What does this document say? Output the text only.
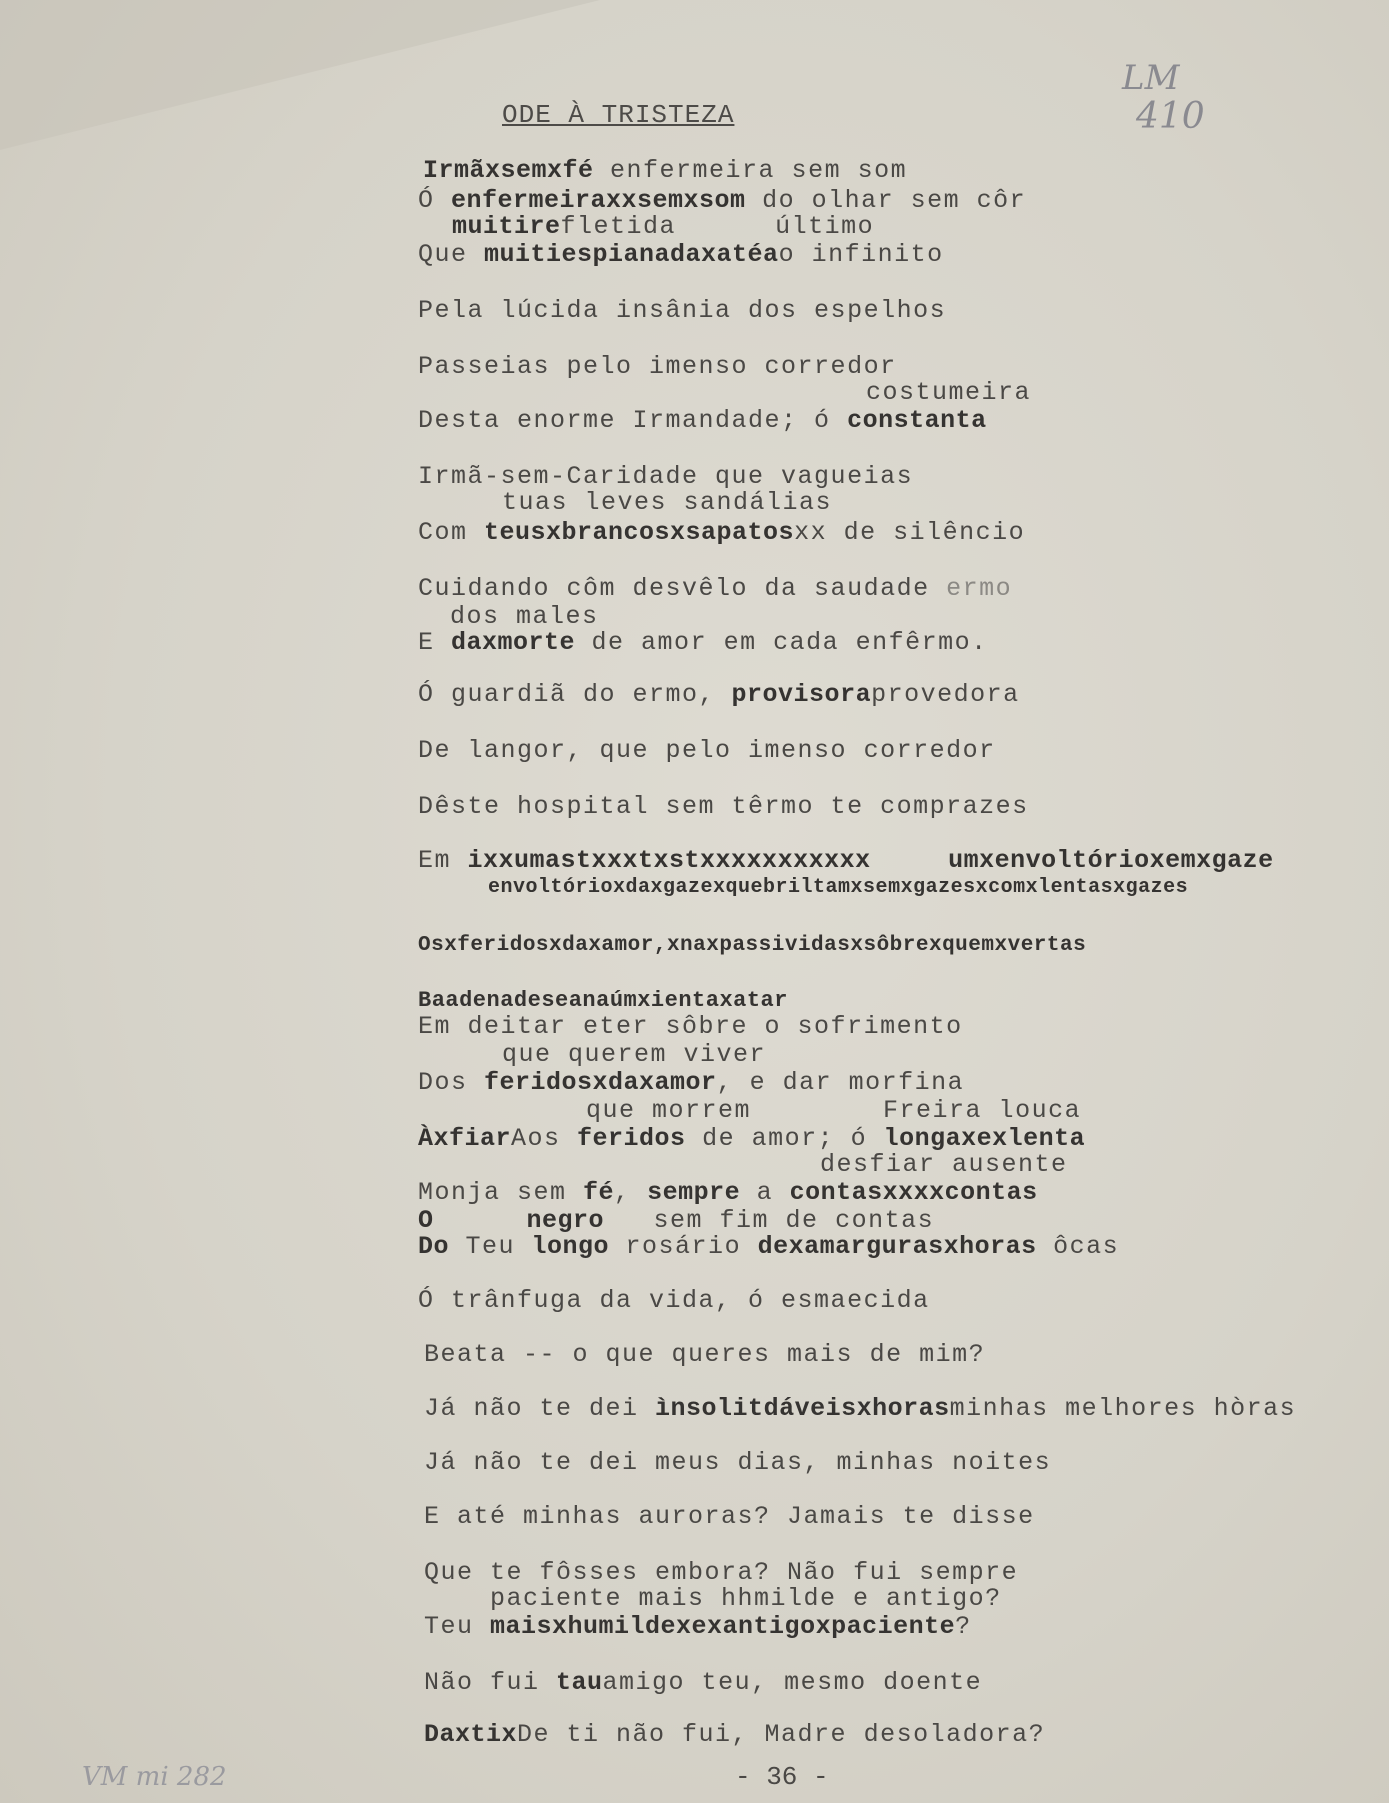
ODE À TRISTEZA
LM
410
Irmãxsemxfé enfermeira sem som
Ó enfermeiraxxsemxsom do olhar sem côr
muitirefletida      último
Que muitiespianadaxatéao infinito
Pela lúcida insânia dos espelhos
Passeias pelo imenso corredor
costumeira
Desta enorme Irmandade; ó constanta
Irmã-sem-Caridade que vagueias
tuas leves sandálias
Com teusxbrancosxsapatosxx de silêncio
Cuidando côm desvêlo da saudade ermo
dos males
E daxmorte de amor em cada enfêrmo.
Ó guardiã do ermo, provisoraprovedora
De langor, que pelo imenso corredor
Dêste hospital sem têrmo te comprazes
Em ixxumastxxxtxstxxxxxxxxxxx     umxenvoltórioxemxgaze
envoltórioxdaxgazexquebriltamxsemxgazesxcomxlentasxgazes
Osxferidosxdaxamor,xnaxpassividasxsôbrexquemxvertas
Baadenadeseanaúmxientaxatar
Em deitar eter sôbre o sofrimento
que querem viver
Dos feridosxdaxamor, e dar morfina
que morrem        Freira louca
ÀxfiarAos feridos de amor; ó longaxexlenta
desfiar ausente
Monja sem fé, sempre a contasxxxxcontas
O      negro   sem fim de contas
Do Teu longo rosário dexamargurasxhoras ôcas
Ó trânfuga da vida, ó esmaecida
Beata -- o que queres mais de mim?
Já não te dei ìnsolitdáveisxhorasminhas melhores hòras
Já não te dei meus dias, minhas noites
E até minhas auroras? Jamais te disse
Que te fôsses embora? Não fui sempre
paciente mais hhmilde e antigo?
Teu maisxhumildexexantigoxpaciente?
Não fui tauamigo teu, mesmo doente
DaxtixDe ti não fui, Madre desoladora?
- 36 -
VM mi 282
